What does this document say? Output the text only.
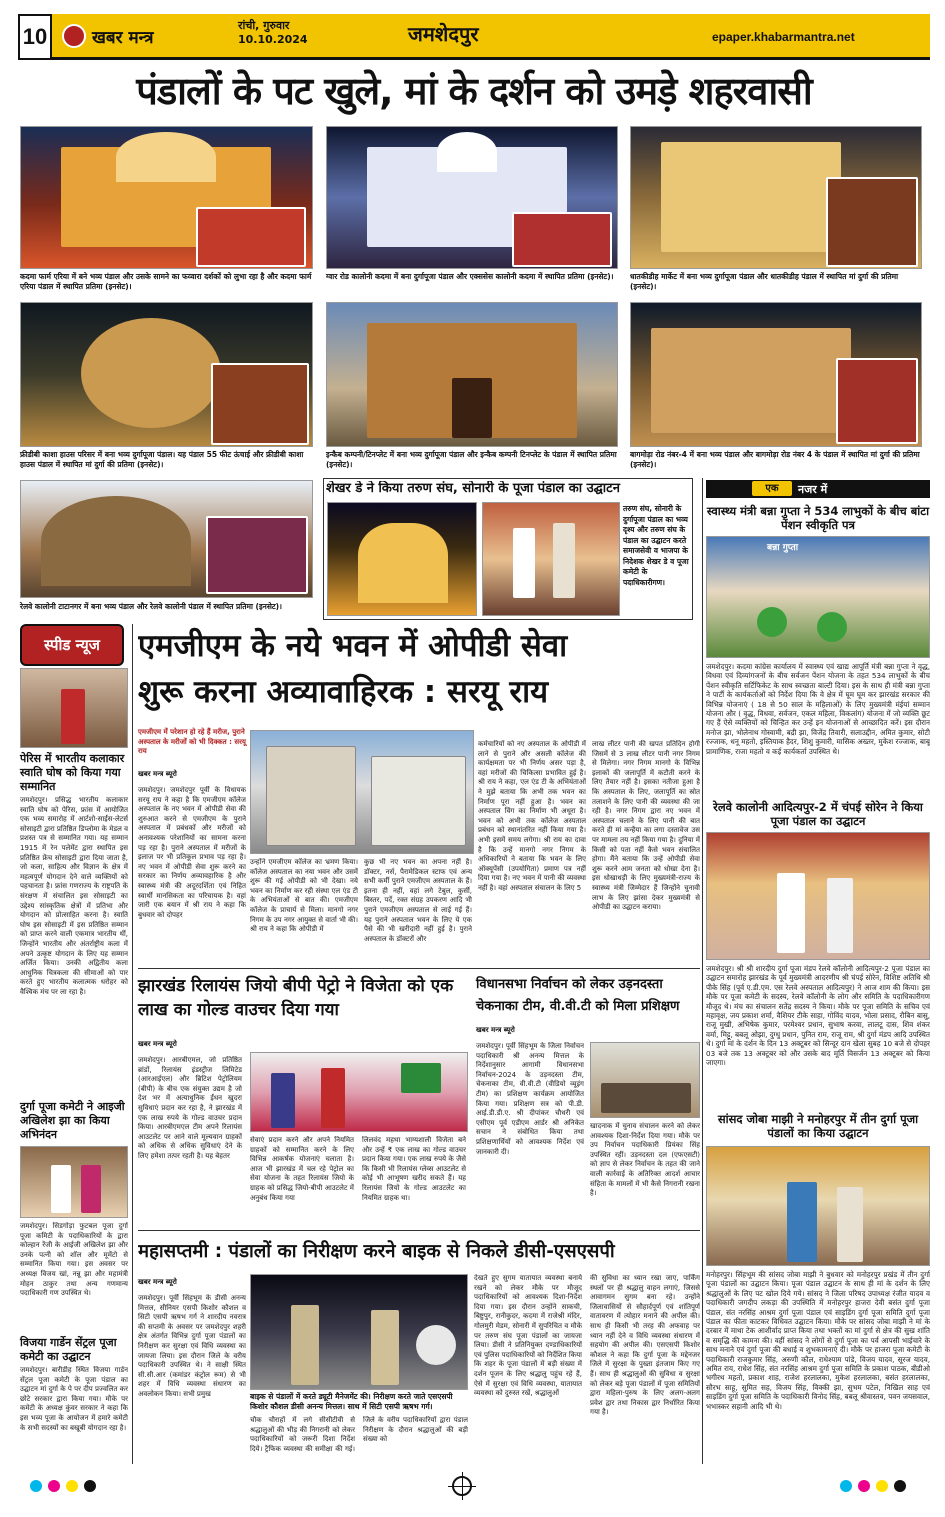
10	खबर मन्त्र
रांची, गुरुवार
10.10.2024	जमशेदपुर	epaper.khabarmantra.net
पंडालों के पट खुले, मां के दर्शन को उमड़े शहरवासी
कदमा फार्म एरिया में बने भव्य पंडाल और उसके सामने का फव्वारा दर्शकों को लुभा रहा है और कदमा फार्म एरिया पंडाल में स्थापित प्रतिमा (इनसेट)।
ग्वार रोड कालोनी कदमा में बना दुर्गापूजा पंडाल और एक्ससेस कालोनी कदमा में स्थापित प्रतिमा (इनसेट)।	धातकीडीह मार्केट में बना भव्य दुर्गापूजा पंडाल और धातकीडीह पंडाल में स्थापित मां दुर्गा की प्रतिमा (इनसेट)।
फ्रीडीबी काशा हाउस परिसर में बना भव्य दुर्गापूजा पंडाल। यह पंडाल 55 फीट ऊंचाई और फ्रीडीबी काशा हाउस पंडाल में स्थापित मां दुर्गा की प्रतिमा (इनसेट)।
इन्कैब कम्पनी/टिनप्लेट में बना भव्य दुर्गापूजा पंडाल और इन्कैब कम्पनी टिनप्लेट के पंडाल में स्थापित प्रतिमा (इनसेट)।
बागमोड़ा रोड नंबर-4 में बना भव्य पंडाल और बागमोड़ा रोड नंबर 4 के पंडाल में स्थापित मां दुर्गा की प्रतिमा (इनसेट)।
रेलवे कालोनी टाटानगर में बना भव्य पंडाल और रेलवे कालोनी पंडाल में स्थापित प्रतिमा (इनसेट)।
शेखर डे ने किया तरुण संघ, सोनारी के पूजा पंडाल का उद्घाटन
तरुण संघ, सोनारी के दुर्गापूजा पंडाल का भव्य दृश्य और तरुण संघ के पंडाल का उद्घाटन करते समाजसेवी व भाजपा के निदेशक शेखर डे व पूजा कमेटी के पदाधिकारीगण।
एक	नजर में
स्वास्थ्य मंत्री बन्ना गुप्ता ने 534 लाभुकों के बीच बांटा पेंशन स्वीकृति पत्र
बन्ना गुप्ता
जमशेदपुर। कदमा कांग्रेस कार्यालय में स्वास्थ्य एवं खाद्य आपूर्ति मंत्री बन्ना गुप्ता ने वृद्ध, विधवा एवं दिव्यांगजनों के बीच सर्वजन पेंशन योजना के तहत 534 लाभुकों के बीच पेंशन स्वीकृति सर्टिफिकेट के साथ स्वच्छता बाल्टी दिया। इस के साथ ही मंत्री बन्ना गुप्ता ने पार्टी के कार्यकर्ताओं को निर्देश दिया कि वे क्षेत्र में घूम घूम कर झारखंड सरकार की विभिन्न योजनाएं ( 18 से 50 साल के महिलाओं) के लिए मुख्यमंत्री मंईयां सम्मान योजना और ( वृद्ध, विधवा, सर्वजन, एकल महिला, विकलांग) योजना में जो व्यक्ति छूट गए हैं ऐसे व्यक्तियों को चिन्हित कर उन्हें इन योजनाओं से आच्छादित करें। इस दौरान मनोज झा, भोलेनाथ गोस्वामी, बद्री झा, विजेंद्र तिवारी, सलाउद्दीन, अमित कुमार, सोटी रज्जाक, धनू महतो, इस्तियाक हैदर, शिशु कुमारी, मासिक अख्तर, मुकेश रज्जाक, बाबू प्रामाणिक, राजा महतो व कई कार्यकर्ता उपस्थित थे।
रेलवे कालोनी आदित्यपुर-2 में चंपई सोरेन ने किया पूजा पंडाल का उद्घाटन
जमशेदपुर। श्री श्री शारदीय दुर्गा पूजा मंडप रेलवे कॉलोनी आदित्यपुर-2 पूजा पंडाल का उद्घाटन समारोह झारखंड के पूर्व मुख्यमंत्री आदरणीय श्री चंपई सोरेन, विशिष्ट अतिथि श्री पीके सिंह (पूर्व ए.डी.एम. एस रेलवे अस्पताल आदित्यपुर) ने आज शाम की किया। इस मौके पर पूजा कमेटी के सदस्य, रेलवे कॉलोनी के लोग और समिति के पदाधिकारीगण मौजूद थे। मंच का संचालन सतेंद्र सदस्य ने किया। मौके पर पूजा समिति के सचिव एवं महावृक्ष, जय प्रकाश शर्मा, वैशियर टीके साहा, गोविंद यादव, भोला प्रसाद, रौबिन बासु, राजू मुखी, अभिषेक कुमार, परमेश्वर प्रधान, सुभाष करवा, लालटू दास, शिव शंकर वर्मा, मिट्टू, बबलू ओझा, दुग्धु प्रधान, पुनित राम, राजू राम, श्री दुर्गा मंडप आदि उपस्थित थे। दुर्गा मां के दर्शन के दिन 13 अक्टूबर को सिन्दूर दान खेला सुबह 10 बजे से दोपहर 03 बजे तक 13 अक्टूबर को और उसके बाद मूर्ति विसर्जन 13 अक्टूबर को किया जाएगा।
सांसद जोबा माझी ने मनोहरपुर में तीन दुर्गा पूजा पंडालों का किया उद्घाटन
मनोहरपुर। सिंहभूम की सांसद जोबा माझी ने बुधवार को मनोहरपुर प्रखंड में तीन दुर्गा पूजा पंडालों का उद्घाटन किया। पूजा पंडाल उद्घाटन के साथ ही मां के दर्शन के लिए श्रद्धालुओं के लिए पट खोल दिये गये। सांसद ने जिला परिषद उपाध्यक्ष रंजीत यादव व पदाधिकारी जगदीप लकड़ा की उपस्थिति में मनोहरपुर हाजरा देवी बसंत दुर्गा पूजा पंडाल, संत नरसिंह आश्रम दुर्गा पूजा पंडाल एवं साइडिंग दुर्गा पूजा समिति दुर्गा पूजा पंडाल का फीता काटकर विधिवत उद्घाटन किया। मौके पर सांसद जोबा माझी ने मां के दरबार में माथा टेक आशीर्वाद प्राप्त किया तथा भक्तों का मां दुर्गा से क्षेत्र की सुख शांति व समृद्धि की कामना की। वहीं सांसद ने लोगों से दुर्गा पूजा का पर्व आपसी भाईचारे के साथ मनाने एवं दुर्गा पूजा की बधाई व शुभकामनाएं दी। मौके पर हाजरा पूजा कमेटी के पदाधिकारी राजकुमार सिंह, अरुणी कौल, राधेश्याम पांडे, विजय यादव, सूरज यादव, अमित राय, राधेश सिंह, संत नरसिंह आश्रम दुर्गा पूजा समिति के प्रकाश पाठक, बीडीओ भगीरथ महतो, प्रकाश शाह, राजेश हरलालका, मुकेश हरलालका, बसंत हरलालका, सौरभ साहू, सुमित सह, विजय सिंह, विक्की झा, सुभम पटेल, निखिल साह एवं साइडिंग दुर्गा पूजा समिति के पदाधिकारी विनोद सिंह, बबलू श्रीवास्तव, पवन जयसवाल, भभास्कर सहानी आदि भी थे।
स्पीड न्यूज
पेरिस में भारतीय कलाकार स्वाति घोष को किया गया सम्मानित
जमशेदपुर। प्रसिद्ध भारतीय कलाकार स्वाति घोष को पेरिस, फ्रांस में आयोजित एक भव्य समारोह में आर्टशो-साईंस-लेटर्स सोसाइटी द्वारा प्रतिष्ठित डिप्लोमा के मेडल व प्रशस्त पत्र से सम्मानित गया। यह सम्मान 1915 में रेन पलेमेंट द्वारा स्थापित इस प्रतिष्ठित फ्रेंच सोसाइटी द्वारा दिया जाता है, जो कला, साहित्य और विज्ञान के क्षेत्र में महत्वपूर्ण योगदान देने वाले व्यक्तियों को पहचानता है। फ्रांस गणराज्य के राष्ट्रपति के संरक्षण में संचालित इस सोसाइटी का उद्देश्य सांस्कृतिक क्षेत्रों में प्रतिभा और योगदान को प्रोत्साहित करना है। स्वाति घोष इस सोसाइटी में इस प्रतिष्ठित सम्मान को प्राप्त करने वाली एकमात्र भारतीय थीं, जिन्होंने भारतीय और अंतर्राष्ट्रीय कला में अपने उत्कृष्ट योगदान के लिए यह सम्मान अर्जित किया। उनकी अद्वितीय कला आधुनिक चित्रकला की सीमाओं को पार करते हुए भारतीय कलात्मक धरोहर को वैश्विक मंच पर ला रहा है।
दुर्गा पूजा कमेटी ने आइजी अखिलेश झा का किया अभिनंदन
जमशेदपुर। सिडगोड़ा फुटबल पूजा दुर्गा पूजा कमिटी के पदाधिकारियों के द्वारा कोल्हान रेंजी के आईजी अखिलेश झा और उनके पत्नी को शॉल और मूमेंटो से सम्मानित किया गया। इस अवसर पर अध्यक्ष विजय खां, नन्नू झा और महामंत्री मोहन ठाकुर तथा अन्य गणमान्य पदाधिकारी गण उपस्थित थे।
विजया गार्डेन सेंट्रल पूजा कमेटी का उद्घाटन
जमशेदपुर। बारीडीह स्थित विजया गार्डन सेंट्रल पूजा कमेटी के पूजा पंडाल का उद्घाटन मां दुर्गा के पे पर दीप प्रज्वलित कर छोटे सरकार द्वारा किया गया। मौके पर कमेटी के अध्यक्ष कुंवर सरकार ने कहा कि इस भव्य पूजा के आयोजन में हमारे कमेटी के सभी सदस्यों का बखूबी योगदान रहा है।
एमजीएम के नये भवन में ओपीडी सेवा
शुरू करना अव्यावाहिरक : सरयू राय
एमजीएम में परेशान हो रहे हैं मरीज, पुराने अस्पताल के मरीजों को भी दिक्कत : सरयू राय
खबर मन्त्र ब्यूरो
जमशेदपुर। जमशेदपुर पूर्वी के विधायक सरयू राय ने कहा है कि एमजीएम कॉलेज अस्पताल के नए भवन में ओपीडी सेवा की शुरुआत करने से एमजीएम के पुराने अस्पताल में प्रबंधकों और मरीजों को अनावश्यक परेशानियों का सामना करना पड़ रहा है। पुराने अस्पताल में मरीजों के इलाज पर भी प्रतिकूल प्रभाव पड़ रहा है। नए भवन में ओपीडी सेवा शुरू करने का सरकार का निर्णय अव्यावहारिक है और स्वास्थ्य मंत्री की अदूरदर्शिता एवं निहित स्वार्थी मानसिकता का परिचायक है। वहां जारी एक बयान में श्री राय ने कहा कि बुधवार को दोपहर
उन्होंने एमजीएम कॉलेज का भ्रमण किया। कॉलेज अस्पताल का नया भवन और उसमें शुरू की गई ओपीडी को भी देखा। नये भवन का निर्माण कर रही संस्था एल एंड टी के अभियंताओं से बात की। एमजीएम कॉलेज के प्राचार्य से मिला। मानगो नगर निगम के उप नगर आयुक्त से वार्ता भी की। श्री राय ने कहा कि ओपीडी में
कुछ भी नए भवन का अपना नहीं है। डॉक्टर, नर्स, पैरामेडिकल स्टाफ एवं अन्य सभी कर्मी पुराने एमजीएम अस्पताल के हैं। इतना ही नहीं, वहां लगे टेबुल, कुर्सी, बिस्तर, पर्दे, रक्त संग्रह उपकरण आदि भी पुराने एमजीएम अस्पताल से लाई गई हैं। यह पुराने अस्पताल भवन के लिए ये एक पैसे की भी खरीदारी नहीं हुई है। पुराने अस्पताल के डॉक्टरों और
कर्मचारियों को नए अस्पताल के ओपीडी में लाने से पुराने और असली कॉलेज की कार्यक्षमता पर भी निर्णय असर पड़ा है, वहां मरीजों की चिकित्सा प्रभावित हुई है। श्री राय ने कहा, एल एंड टी के अभियंताओं ने मुझे बताया कि अभी तक भवन का निर्माण पूरा नहीं हुआ है। भवन का अस्पताल विंग का निर्माण भी अधूरा है। भवन को अभी तक कॉलेज अस्पताल प्रबंधन को स्थानांतरित नहीं किया गया है। अभी इसमें समय लगेगा। श्री राय का दावा है कि उन्हें मानगो नगर निगम के अधिकारियों ने बताया कि भवन के लिए ऑक्यूपेंसी (उपयोगिता) प्रमाण पत्र नहीं दिया गया है। नए भवन में पानी की व्यवस्था नहीं है। वहां अस्पताल संचालन के लिए 5
लाख लीटर पानी की खपत प्रतिदिन होगी जिसमें से 3 लाख लीटर पानी नगर निगम से मिलेगा। नगर निगम मानगो के विभिन्न इलाकों की जलापूर्ति में कटौती करने के लिए तैयार नहीं है। इसका नतीजा हुआ है कि अस्पताल के लिए, जलापूर्ति का स्रोत तलाशने के लिए पानी की व्यवस्था की जा रही है। नगर निगम द्वारा नए भवन में अस्पताल चलाने के लिए पानी की बात करते ही मां कन्हैया का लगा दस्तावेज उस पर मामला तय नहीं किया गया है। दुनिया में किसी को पता नहीं कैसे भवन संचालित होगा। मैंने बताया कि उन्हें ओपीडी सेवा शुरू करने आम जनता को धोखा देना है। इस धोखाधड़ी के लिए मुख्यमंत्री-राज्य के स्वास्थ्य मंत्री जिम्मेदार हैं जिन्होंने चुनावी लाभ के लिए झांसा देकर मुख्यमंत्री से ओपीडी का उद्घाटन कराया।
झारखंड रिलायंस जियो बीपी पेट्रो ने विजेता को एक लाख का गोल्ड वाउचर दिया गया
खबर मन्त्र ब्यूरो
जमशेदपुर। आरबीएमल, जो प्रतिष्ठित ब्रांडों, रिलायंस इंडस्ट्रीज लिमिटेड (आरआईएल) और ब्रिटिश पेट्रोलियम (बीपी) के बीच एक संयुक्त उद्यम है जो देश भर में अत्याधुनिक ईंधन खुदरा सुविधाएं प्रदान कर रहा है, ने झारखंड में एक लाख रुपये के गोल्ड वाउचर प्रदान किया। आरबीएमएल टीम अपने रिलायंस आउटलेट पर आने वाले मूल्यवान ग्राहकों को अधिक से अधिक सुविधाएं देने के लिए हमेशा तत्पर रहती है। यह बेहतर
सेवाएं प्रदान करने और अपने नियमित ग्राहकों को सम्मानित करने के लिए विभिन्न आकर्षक योजनाएं चलाता है। आज भी झारखंड में चल रहे पेट्रोल का सेवा योजना के तहत रिलायंस जियो के ग्राहक को प्रसिद्ध जियो-बीपी आउटलेट में अनुबंध किया गया
लिलवंद महथा भाग्यशाली विजेता बने और उन्हें ₹ एक लाख का गोल्ड वाउचर प्रदान किया गया। एक लाख रुपये के जैसे कि किसी भी रिलायंस ग्लेव्स आउटलेट से कोई भी आभूषण खरीद सकते हैं। यह रिलायंस जियो के गोल्ड आउटलेट का नियमित ग्राहक था।
विधानसभा निर्वाचन को लेकर उड़नदस्ता चेकनाका टीम, वी.वी.टी को मिला प्रशिक्षण
खबर मन्त्र ब्यूरो
जमशेदपुर। पूर्वी सिंहभूम के जिला निर्वाचन पदाधिकारी श्री अनन्य मित्तल के निर्देशानुसार आगामी विधानसभा निर्वाचन-2024 के उड़नदस्ता टीम, चेकनाका टीम, वी.वी.टी (वीडियो व्यूइंग टीम) का प्रशिक्षण कार्यक्रम आयोजित किया गया। प्रशिक्षण सत्र को पी.डी. आई.डी.डी.ए. श्री दीपांकर चौधरी एवं एसीएम पूर्व एडीएम आर्डर श्री अनिकेत सचान ने संबोधित किया तथा प्रशिक्षणार्थियों को आवश्यक निर्देश एवं जानकारी दी।
खादनाक में चुनाव संचालन करने को लेकर आवश्यक दिशा-निर्देश दिया गया। मौके पर उप निर्वाचन पदाधिकारी प्रियंका सिंह उपस्थित रहीं। उड़नदस्ता दल (एफएसटी) को ज्ञाप से लेकर निर्वाचन के तहत की जाने वाली कार्रवाई के अतिरिक्त आदर्श आचार संहिता के मामलों में भी कैसे निगरानी रखना है।
महासप्तमी : पंडालों का निरीक्षण करने बाइक से निकले डीसी-एसएसपी
खबर मन्त्र ब्यूरो
जमशेदपुर। पूर्वी सिंहभूम के डीसी अनन्य मित्तल, सीनियर एसपी किशोर कौशल व सिटी एसपी ऋषभ गर्ग ने शारदीय नवरात्र की सप्तमी के अवसर पर जमशेदपुर शहरी क्षेत्र अंतर्गत विभिन्न दुर्गा पूजा पंडालों का निरीक्षण कर सुरक्षा एवं विधि व्यवस्था का जायजा लिया। इस दौरान जिले के वरीय पदाधिकारी उपस्थित थे। ने साक्षी स्थित सी.सी.आर (कमांडर कंट्रोल रूम) से भी शहर में विधि व्यवस्था संधारण का अवलोकन किया। सभी प्रमुख	बाइक से पंडालों में करते ड्यूटी मैनेजमेंट की। निरीक्षण करते जाते एसएसपी किशोर कौशल डीसी अनन्य मित्तल। साथ में सिटी एसपी ऋषभ गर्ग।
चौक चौराहों में लगे सीसीटीवी से श्रद्धालुओं की भीड़ की निगरानी को लेकर पदाधिकारियों को जरूरी दिशा निर्देश दिये। ट्रैफिक व्यवस्था की समीक्षा की गई। जिले के वरीय पदाधिकारियों द्वारा पंडाल निरीक्षण के दौरान श्रद्धालुओं की बड़ी संख्या को
देखते हुए सुगम यातायात व्यवस्था बनाये रखने को लेकर मौके पर मौजूद पदाधिकारियों को आवश्यक दिशा-निर्देश दिया गया। इस दौरान उन्होंने साकची, बिष्टुपुर, रानीकुदर, कदमा में राजेश्री मंदिर, गोलमुरी मेडम, सोनारी में सुपरिचित व मौके पर तरुण संघ पूजा पंडालों का जायजा लिया। डीसी ने प्रतिनियुक्त दण्डाधिकारियों एवं पुलिस पदाधिकारियों को निर्देशित किया कि शहर के पूजा पंडालों में बड़ी संख्या में दर्शन पूजन के लिए श्रद्धालु पहुंच रहे हैं, ऐसे में सुरक्षा एवं विधि व्यवस्था, यातायात व्यवस्था को दुरुस्त रखें, श्रद्धालुओं
की सुविधा का ध्यान रखा जाए, पार्किंग स्थलों पर ही श्रद्धालु वाहन लगाएं, जिससे आवागमन सुगम बना रहे। उन्होंने जिलावासियों से सौहार्दपूर्ण एवं शांतिपूर्ण वातावरण में त्योहार मनाने की अपील की। साथ ही किसी भी तरह की अफवाह पर ध्यान नहीं देने व विधि व्यवस्था संधारण में सहयोग की अपील की। एसएसपी किशोर कौशल ने कहा कि दुर्गा पूजा के मद्देनजर जिले में सुरक्षा के पुख्ता इंतजाम किए गए हैं। साथ ही श्रद्धालुओं की सुविधा व सुरक्षा को लेकर बड़े पूजा पंडालों में पूजा समितियों द्वारा महिला-पुरुष के लिए अलग-अलग प्रवेश द्वार तथा निकास द्वार निर्धारित किया गया है।
